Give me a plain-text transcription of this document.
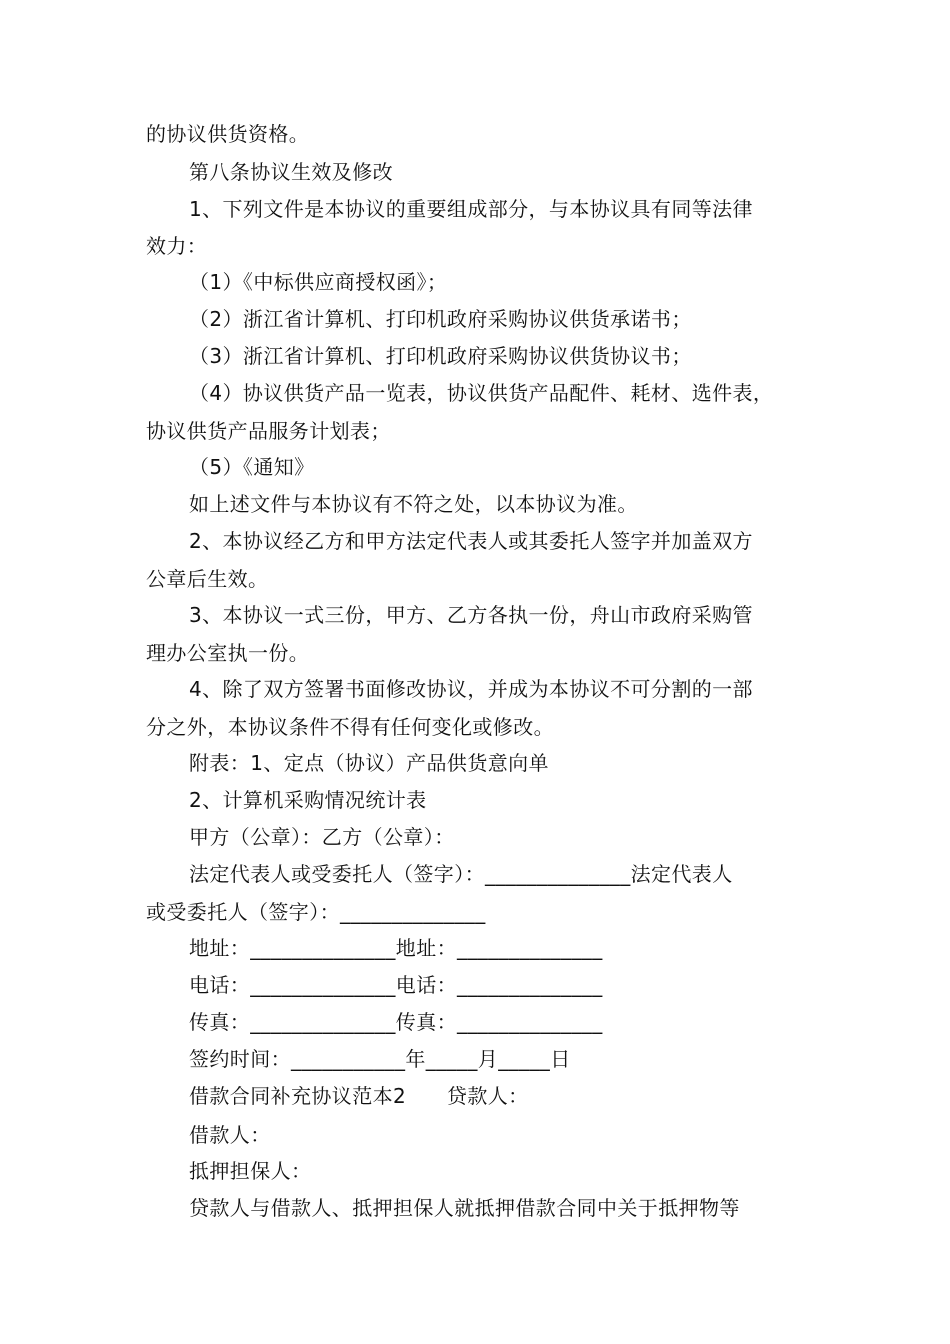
的协议供货资格。
第八条协议生效及修改
1、下列文件是本协议的重要组成部分，与本协议具有同等法律
效力：
（1）《中标供应商授权函》；
（2）浙江省计算机、打印机政府采购协议供货承诺书；
（3）浙江省计算机、打印机政府采购协议供货协议书；
（4）协议供货产品一览表，协议供货产品配件、耗材、选件表，
协议供货产品服务计划表；
（5）《通知》
如上述文件与本协议有不符之处，以本协议为准。
2、本协议经乙方和甲方法定代表人或其委托人签字并加盖双方
公章后生效。
3、本协议一式三份，甲方、乙方各执一份，舟山市政府采购管
理办公室执一份。
4、除了双方签署书面修改协议，并成为本协议不可分割的一部
分之外，本协议条件不得有任何变化或修改。
附表：1、定点（协议）产品供货意向单
2、计算机采购情况统计表
甲方（公章）：乙方（公章）：
法定代表人或受委托人（签字）：______________法定代表人
或受委托人（签字）：______________
地址：______________地址：______________
电话：______________电话：______________
传真：______________传真：______________
签约时间：___________年_____月_____日
借款合同补充协议范本2　　贷款人：
借款人：
抵押担保人：
贷款人与借款人、抵押担保人就抵押借款合同中关于抵押物等
